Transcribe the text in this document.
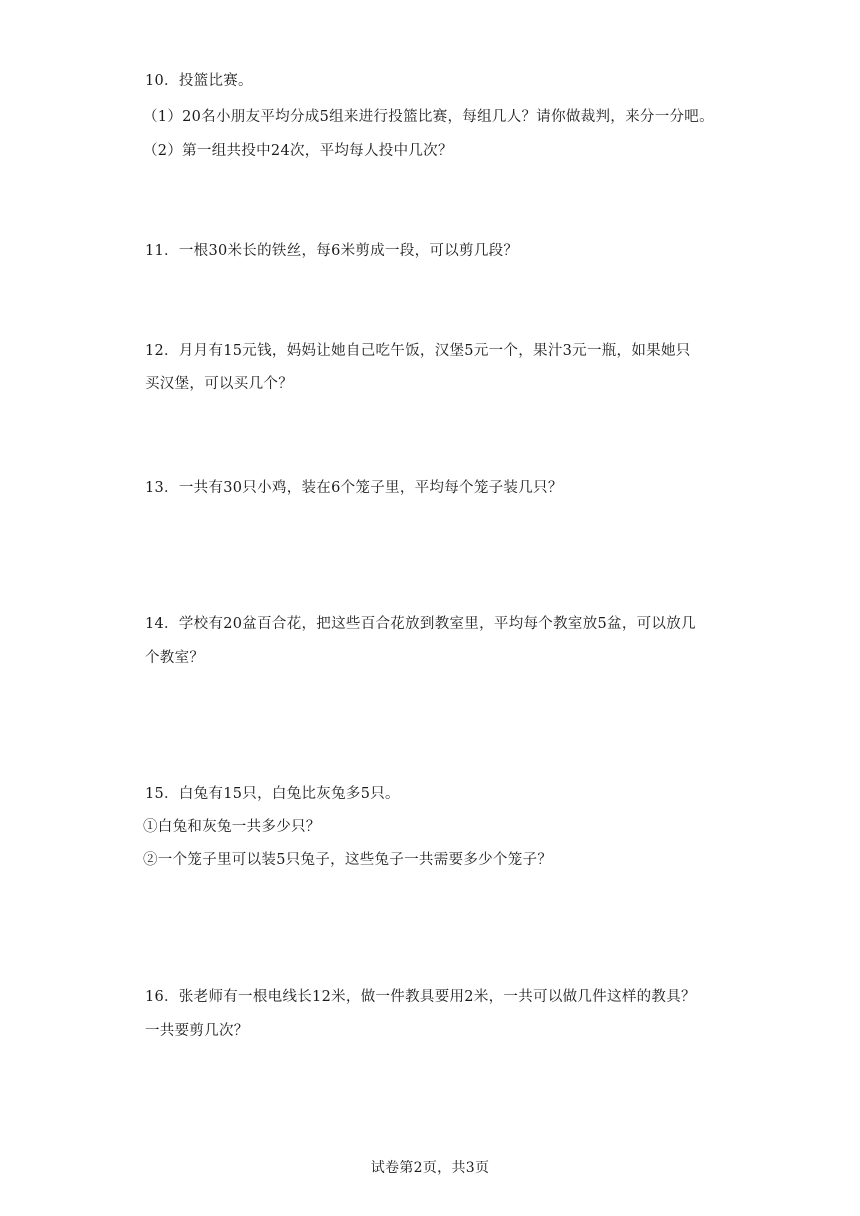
10．投篮比赛。
（1）20名小朋友平均分成5组来进行投篮比赛，每组几人？请你做裁判，来分一分吧。
（2）第一组共投中24次，平均每人投中几次？
11．一根30米长的铁丝，每6米剪成一段，可以剪几段？
12．月月有15元钱，妈妈让她自己吃午饭，汉堡5元一个，果汁3元一瓶，如果她只
买汉堡，可以买几个？
13．一共有30只小鸡，装在6个笼子里，平均每个笼子装几只？
14．学校有20盆百合花，把这些百合花放到教室里，平均每个教室放5盆，可以放几
个教室？
15．白兔有15只，白兔比灰兔多5只。
①白兔和灰兔一共多少只？
②一个笼子里可以装5只兔子，这些兔子一共需要多少个笼子？
16．张老师有一根电线长12米，做一件教具要用2米，一共可以做几件这样的教具？
一共要剪几次？
试卷第2页，共3页
